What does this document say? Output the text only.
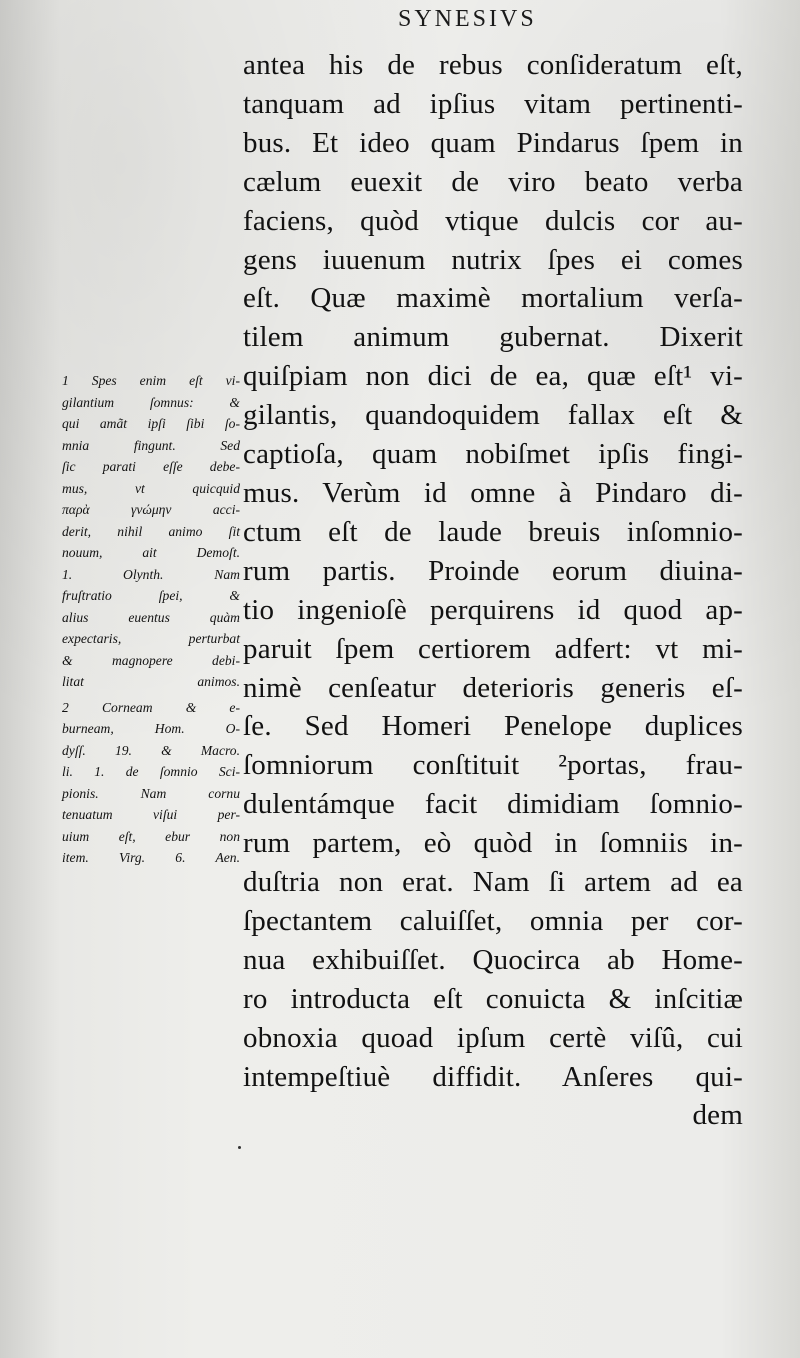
SYNESIVS
antea his de rebus conſideratum eſt,
tanquam ad ipſius vitam pertinenti-
bus. Et ideo quam Pindarus ſpem in
cælum euexit de viro beato verba
faciens, quòd vtique dulcis cor au-
gens iuuenum nutrix ſpes ei comes
eſt. Quæ maximè mortalium verſa-
tilem animum gubernat. Dixerit
quiſpiam non dici de ea, quæ eſt¹ vi-
gilantis, quandoquidem fallax eſt &
captioſa, quam nobiſmet ipſis fingi-
mus. Verùm id omne à Pindaro di-
ctum eſt de laude breuis inſomnio-
rum partis. Proinde eorum diuina-
tio ingenioſè perquirens id quod ap-
paruit ſpem certiorem adfert: vt mi-
nimè cenſeatur deterioris generis eſ-
ſe. Sed Homeri Penelope duplices
ſomniorum conſtituit ²portas, frau-
dulentámque facit dimidiam ſomnio-
rum partem, eò quòd in ſomniis in-
duſtria non erat. Nam ſi artem ad ea
ſpectantem caluiſſet, omnia per cor-
nua exhibuiſſet. Quocirca ab Home-
ro introducta eſt conuicta & inſcitiæ
obnoxia quoad ipſum certè viſû, cui
intempeſtiuè diffidit. Anſeres qui-
dem
1 Spes enim eſt vi-
gilantium ſomnus: &
qui amãt ipſi ſibi ſo-
mnia fingunt. Sed
ſic parati eſſe debe-
mus, vt quicquid
παρὰ γνώμην acci-
derit, nihil animo ſit
nouum, ait Demoſt.
1. Olynth. Nam
fruſtratio ſpei, &
alius euentus quàm
expectaris, perturbat
& magnopere debi-
litat animos.
2 Corneam & e-
burneam, Hom. O-
dyſſ. 19. & Macro.
li. 1. de ſomnio Sci-
pionis. Nam cornu
tenuatum viſui per-
uium eſt, ebur non
item. Virg. 6. Aen.
